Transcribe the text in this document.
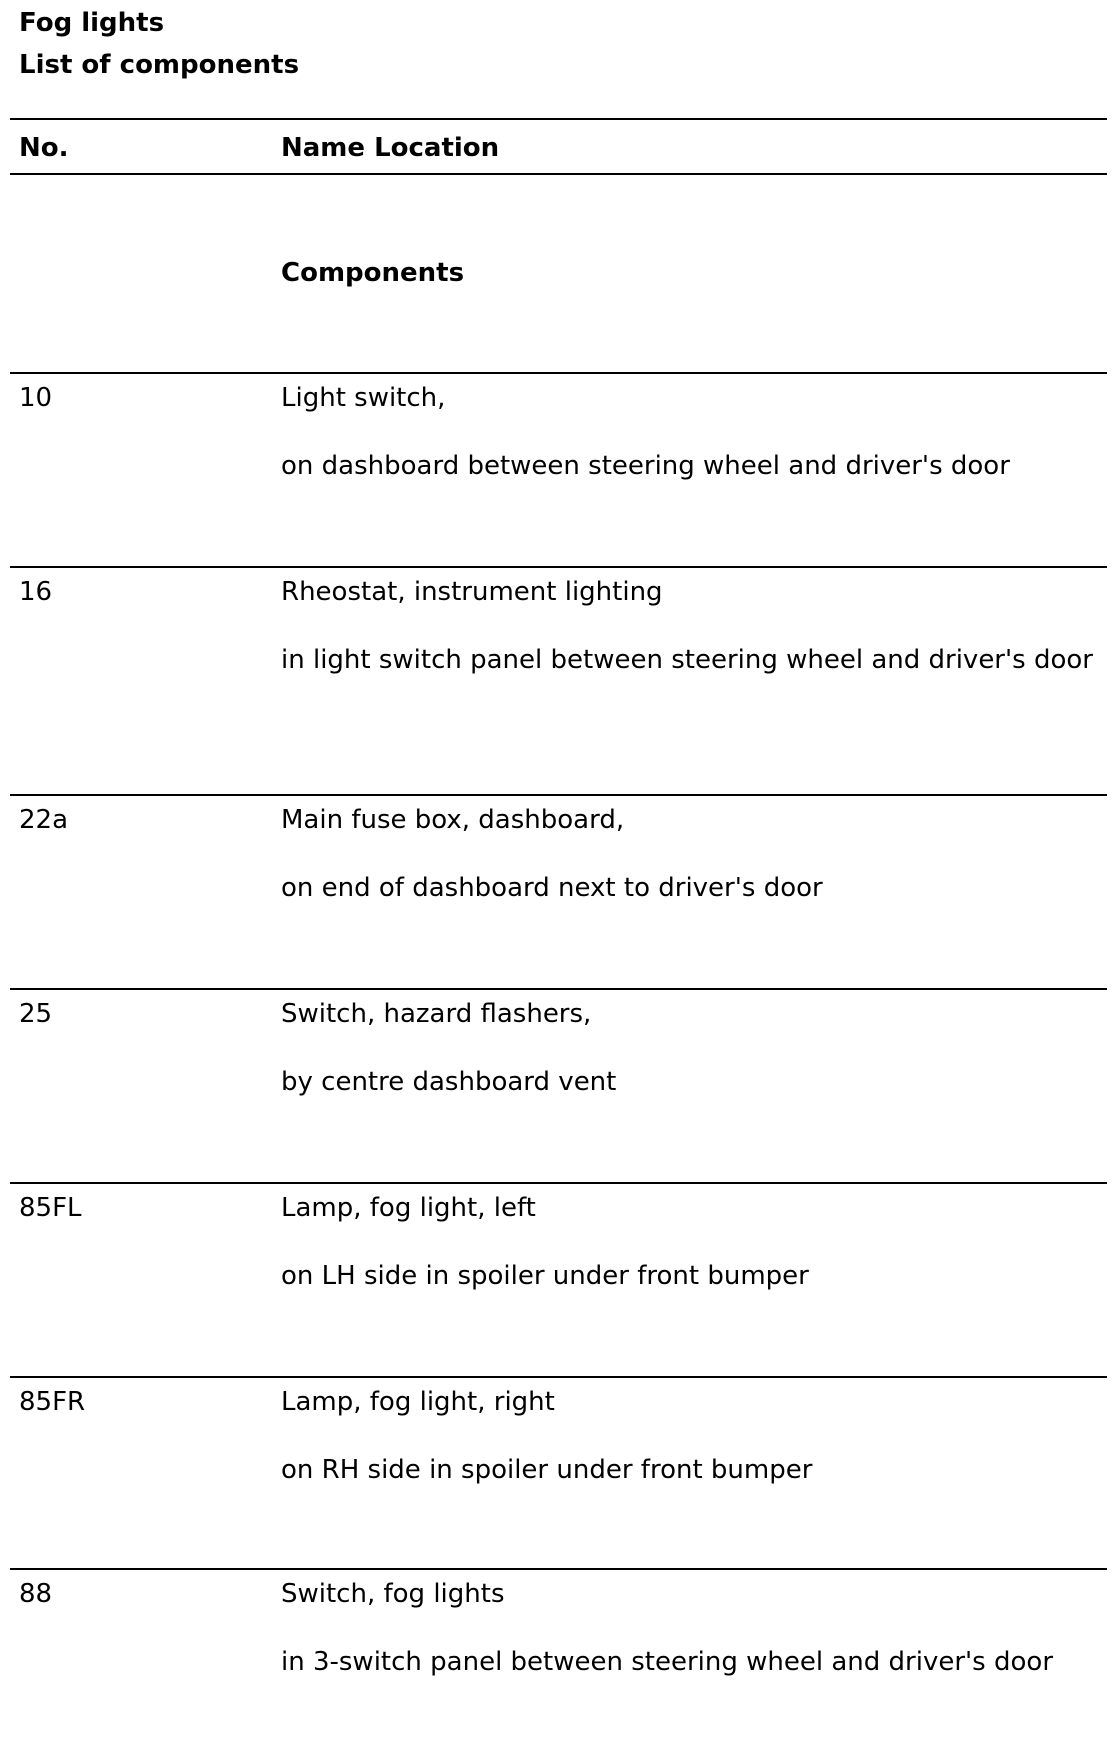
Fog lights
List of components
No.	Name Location
Components
10	Light switch,
on dashboard between steering wheel and driver's door
16	Rheostat, instrument lighting
in light switch panel between steering wheel and driver's door
22a	Main fuse box, dashboard,
on end of dashboard next to driver's door
25	Switch, hazard flashers,
by centre dashboard vent
85FL	Lamp, fog light, left
on LH side in spoiler under front bumper
85FR	Lamp, fog light, right
on RH side in spoiler under front bumper
88	Switch, fog lights
in 3-switch panel between steering wheel and driver's door
